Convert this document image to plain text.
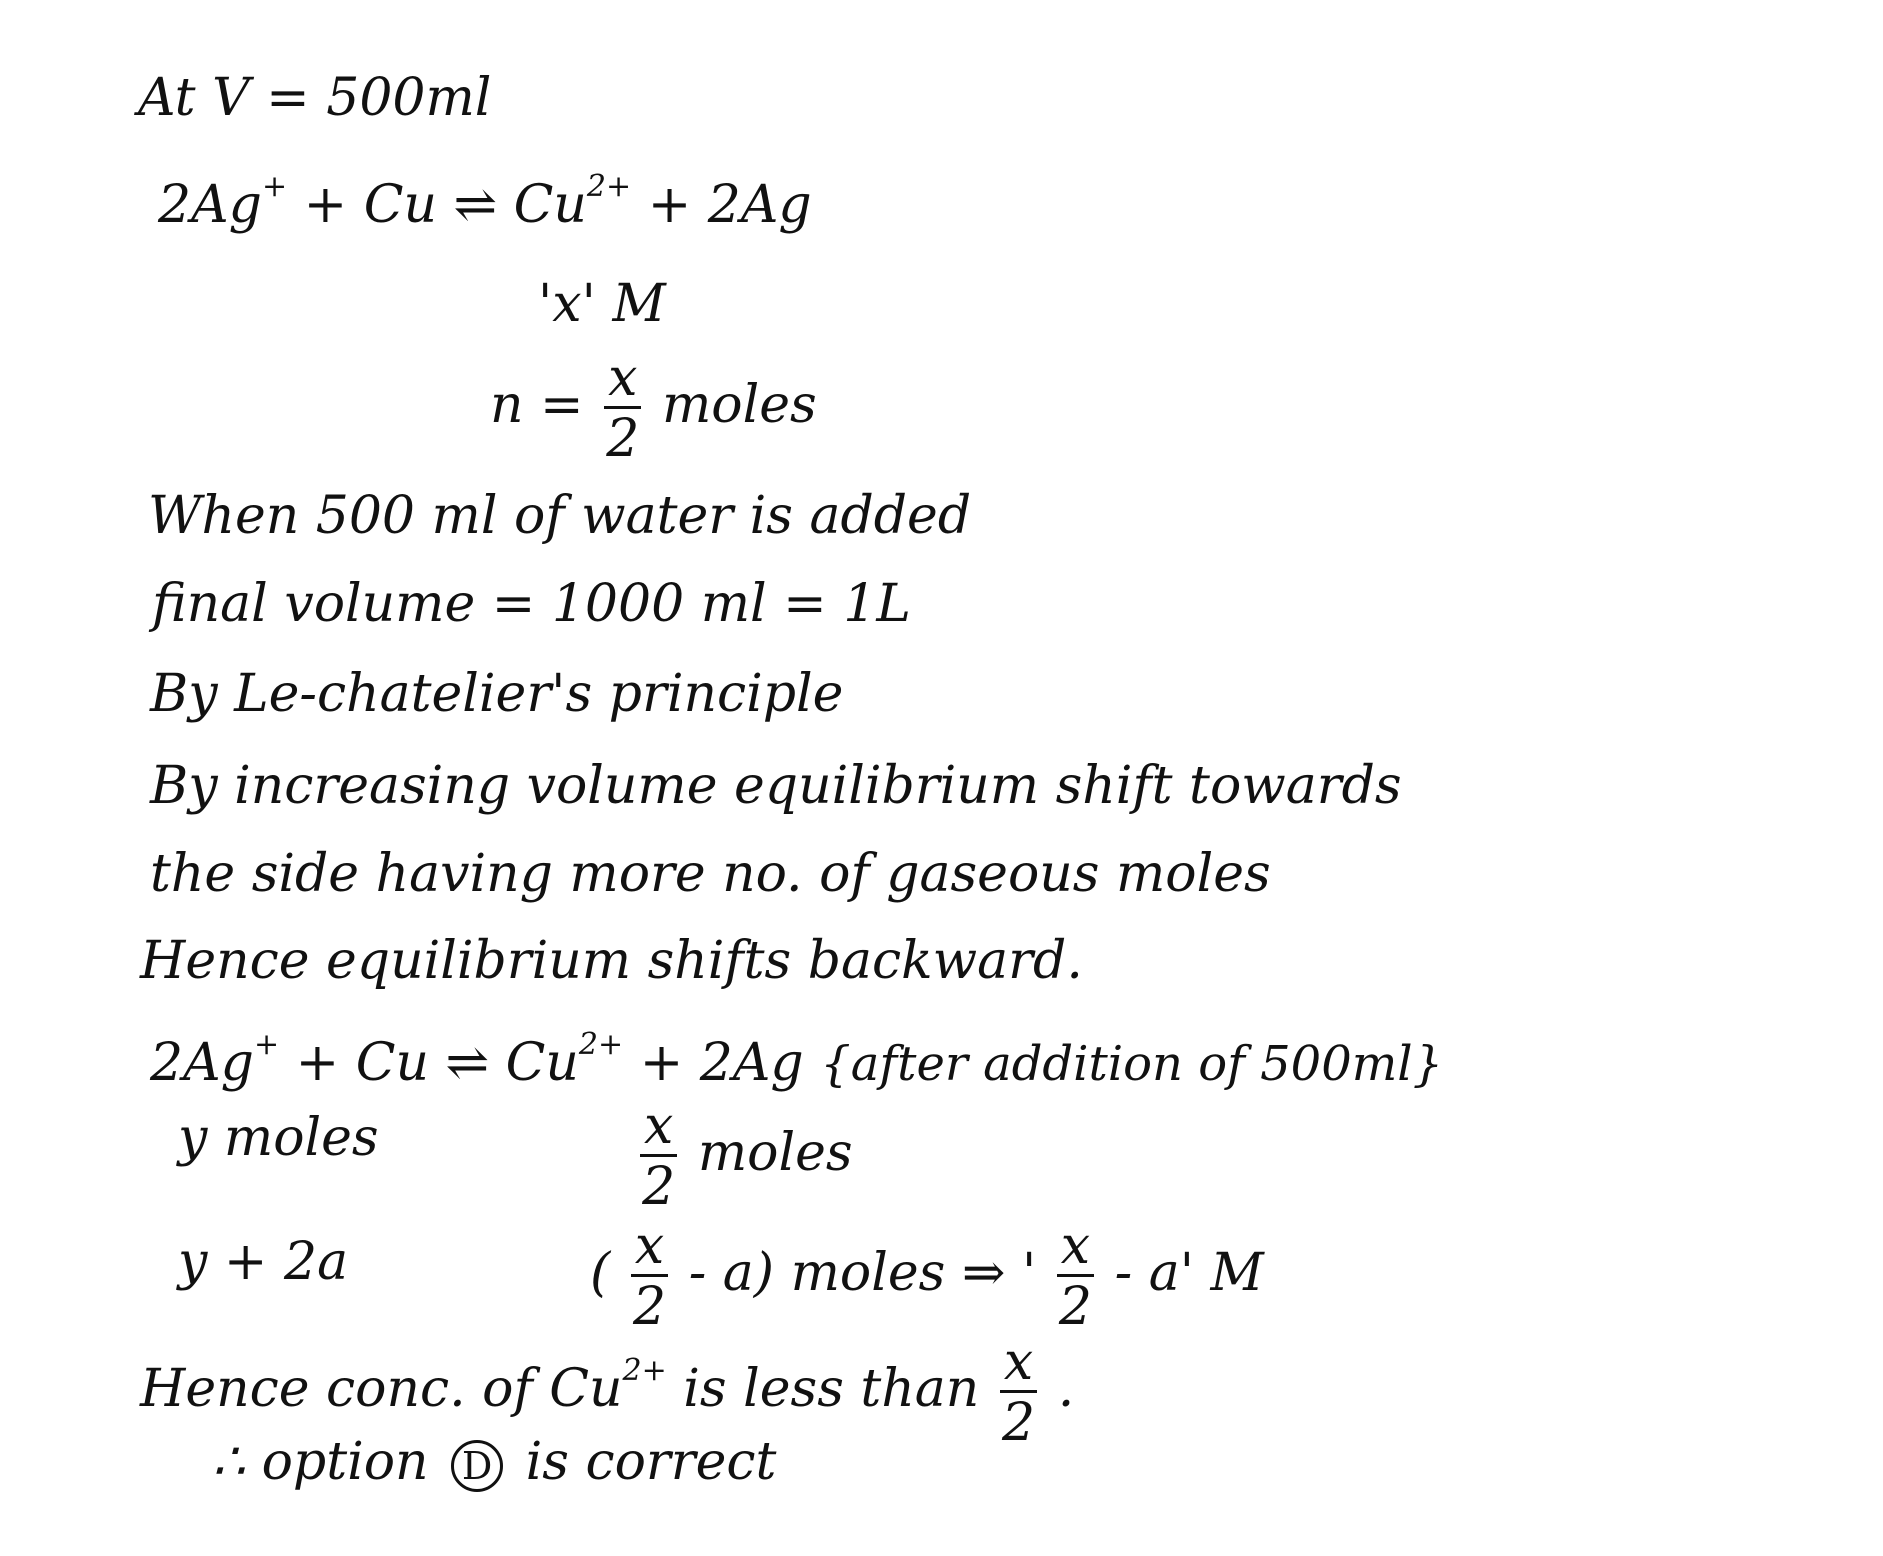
At V = 500ml
2Ag+ + Cu ⇌ $Cu^{2+} + 2Ag$
'x' M
$n = \frac{x}{2}$ moles
When 500 ml of water is added
final volume = 1000 ml = 1L
By Le-chatelier's principle
By increasing volume equilibrium shift towards
the side having more no. of gaseous moles
Hence equilibrium shifts backward.
2Ag+ + Cu ⇌ $Cu^{2+} + 2Ag$ {after addition of 500ml}
y moles	$\frac{x}{2}$ moles
y + 2a	( $\frac{x}{2} - a$) moles ⇒ ' $\frac{x}{2}$ - a' M
Hence conc. of $Cu^{2+}$ is less than $\frac{x}{2}$ .
∴ option D is correct
